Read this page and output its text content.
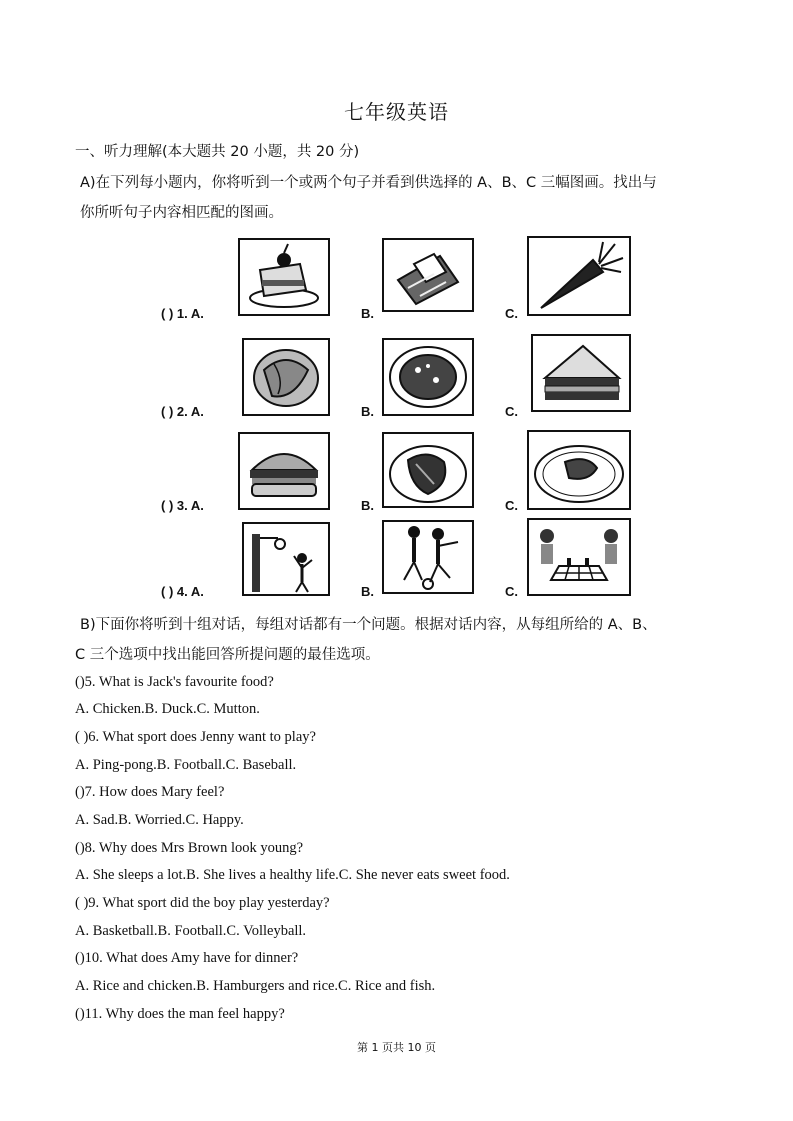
七年级英语
一、听力理解(本大题共 20 小题，共 20 分)
A)在下列每小题内，你将听到一个或两个句子并看到供选择的 A、B、C 三幅图画。找出与
你所听句子内容相匹配的图画。
( ) 1. A.	B.	C.
( ) 2. A.	B.	C.
( ) 3. A.	B.	C.
( ) 4. A.	B.	C.
B)下面你将听到十组对话，每组对话都有一个问题。根据对话内容，从每组所给的 A、B、
C 三个选项中找出能回答所提问题的最佳选项。
()5. What is Jack's favourite food?
A. Chicken.B. Duck.C. Mutton.
( )6. What sport does Jenny want to play?
A. Ping-pong.B. Football.C. Baseball.
()7. How does Mary feel?
A. Sad.B. Worried.C. Happy.
()8. Why does Mrs Brown look young?
A. She sleeps a lot.B. She lives a healthy life.C. She never eats sweet food.
( )9. What sport did the boy play yesterday?
A. Basketball.B. Football.C. Volleyball.
()10. What does Amy have for dinner?
A. Rice and chicken.B. Hamburgers and rice.C. Rice and fish.
()11. Why does the man feel happy?
第 1 页共 10 页
